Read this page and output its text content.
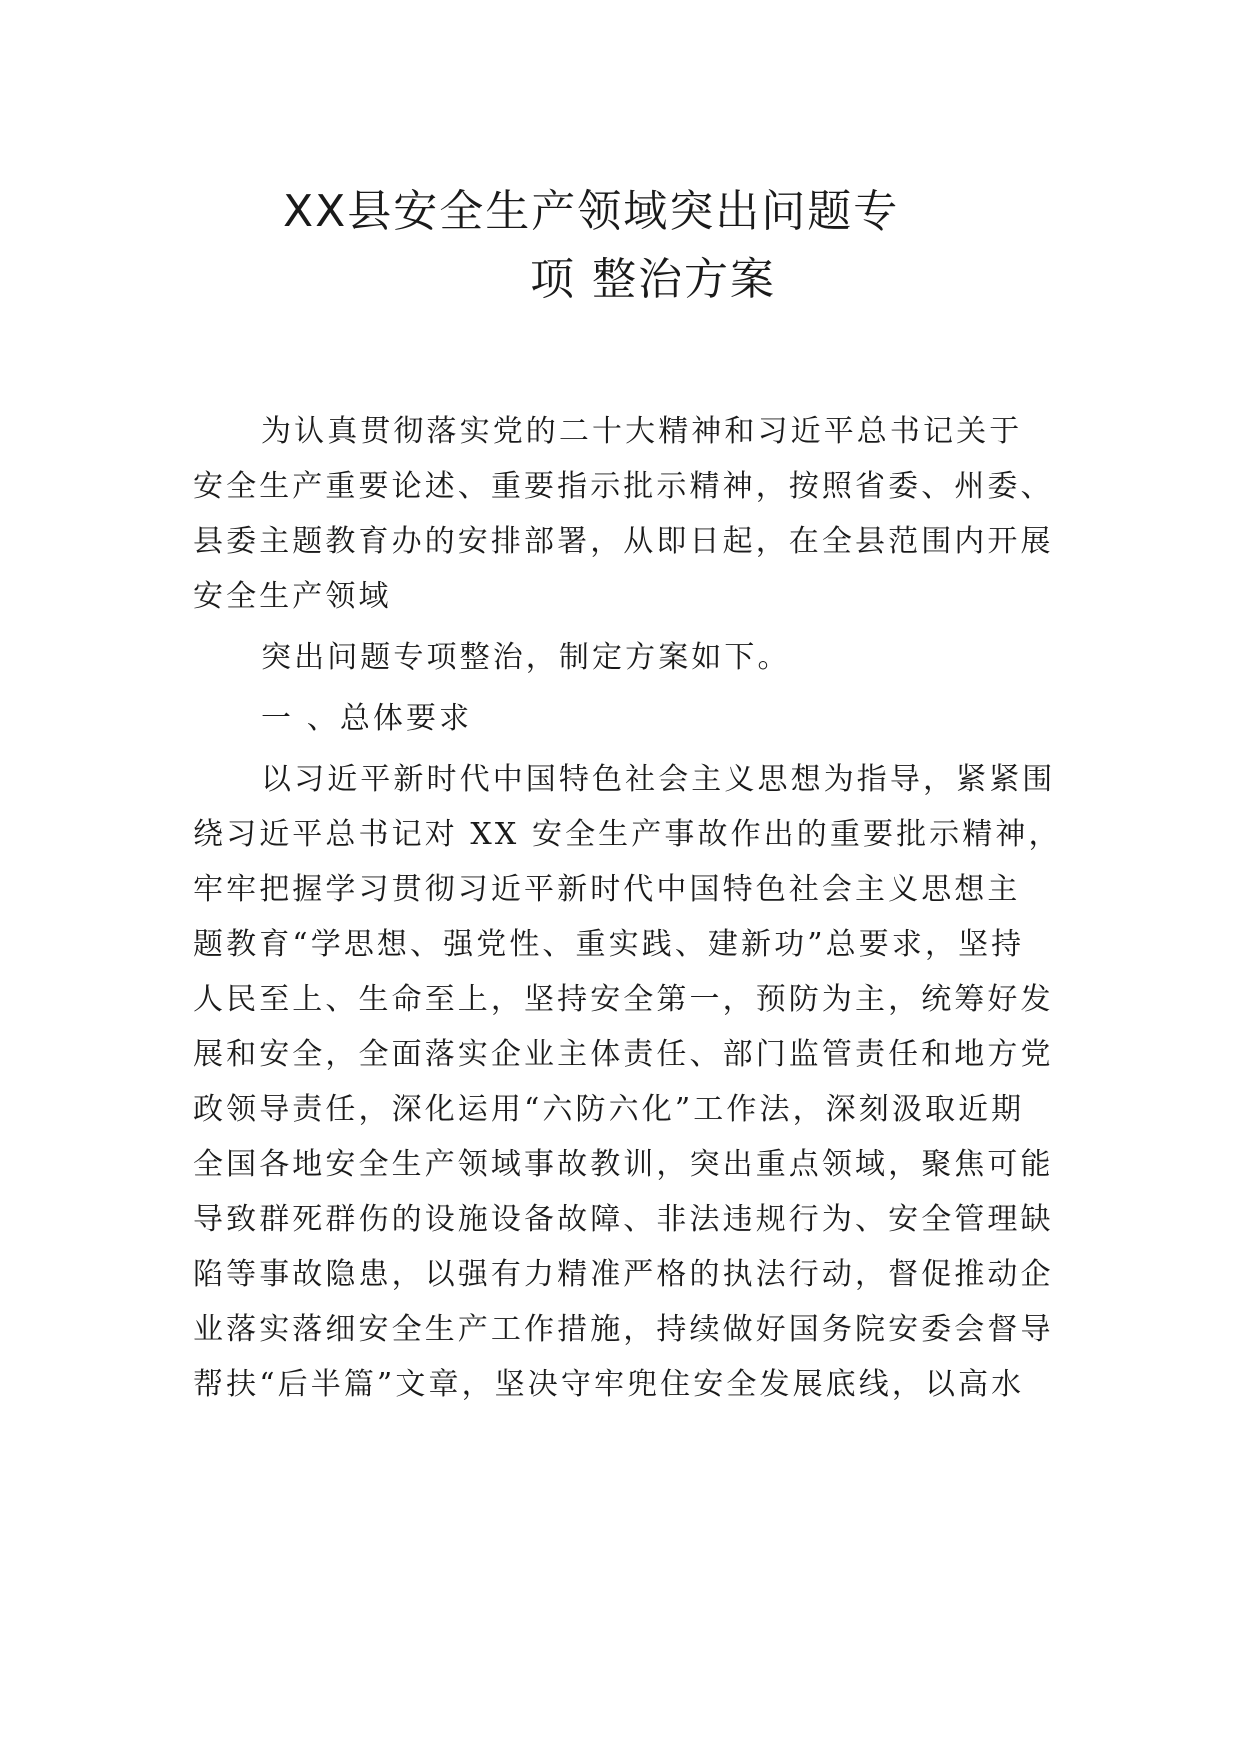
XX县安全生产领域突出问题专
项 整治方案
为认真贯彻落实党的二十大精神和习近平总书记关于
安全生产重要论述、重要指示批示精神，按照省委、州委、
县委主题教育办的安排部署，从即日起，在全县范围内开展
安全生产领域
突出问题专项整治，制定方案如下。
一 、总体要求
以习近平新时代中国特色社会主义思想为指导，紧紧围
绕习近平总书记对 XX 安全生产事故作出的重要批示精神，
牢牢把握学习贯彻习近平新时代中国特色社会主义思想主
题教育“学思想、强党性、重实践、建新功”总要求，坚持
人民至上、生命至上，坚持安全第一，预防为主，统筹好发
展和安全，全面落实企业主体责任、部门监管责任和地方党
政领导责任，深化运用“六防六化”工作法，深刻汲取近期
全国各地安全生产领域事故教训，突出重点领域，聚焦可能
导致群死群伤的设施设备故障、非法违规行为、安全管理缺
陷等事故隐患，以强有力精准严格的执法行动，督促推动企
业落实落细安全生产工作措施，持续做好国务院安委会督导
帮扶“后半篇”文章，坚决守牢兜住安全发展底线，以高水
